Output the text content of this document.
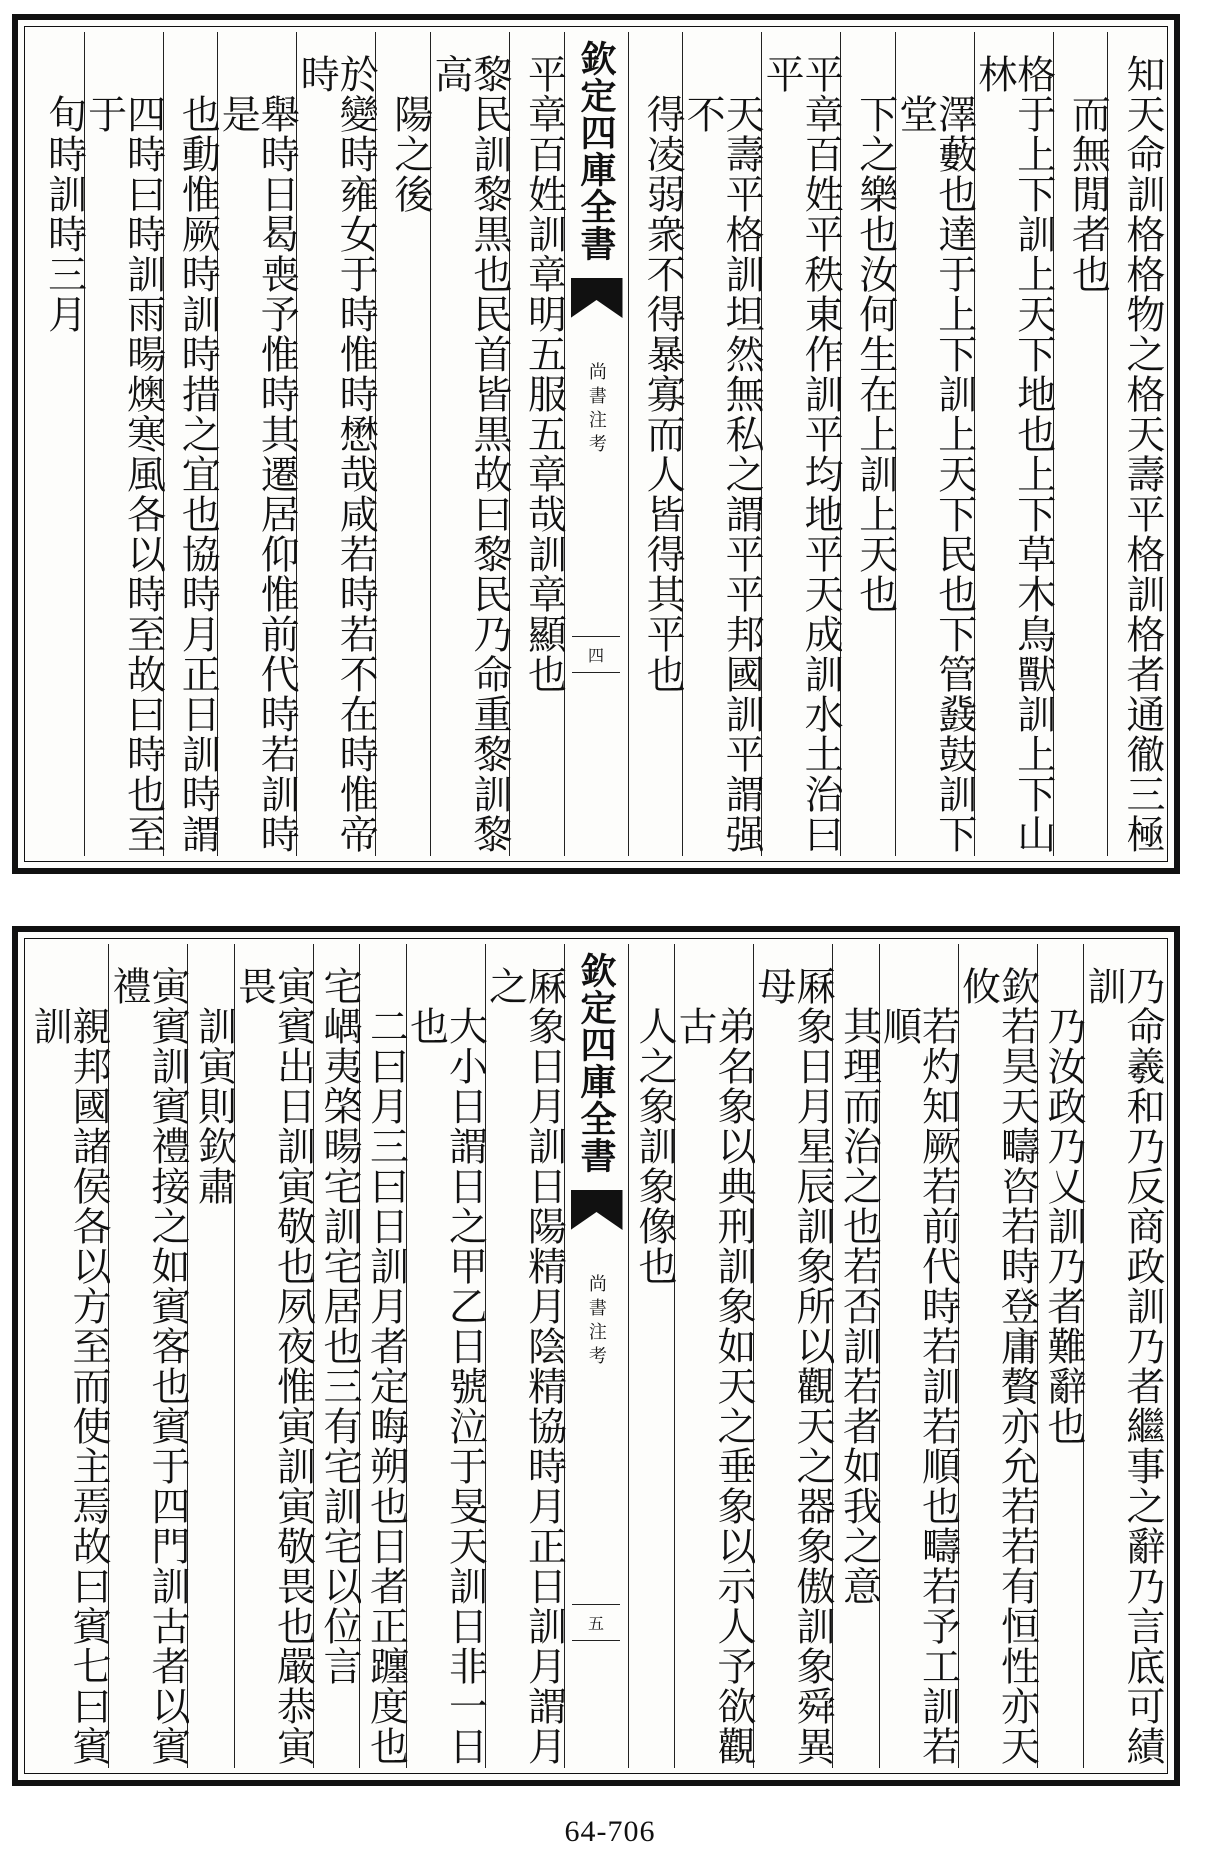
知天命訓格格物之格天壽平格訓格者通徹三極
而無閒者也
格于上下訓上天下地也上下草木鳥獸訓上下山林
澤藪也達于上下訓上天下民也下管鼗鼓訓下堂
下之樂也汝何生在上訓上天也
平章百姓平秩東作訓平均地平天成訓水土治曰平
天壽平格訓坦然無私之謂平平邦國訓平謂强不
得凌弱衆不得暴寡而人皆得其平也
欽定四庫全書
尚書注考
四
平章百姓訓章明五服五章哉訓章顯也
黎民訓黎黒也民首皆黒故曰黎民乃命重黎訓黎高
陽之後
於變時雍女于時惟時懋哉咸若時若不在時惟帝時
舉時日曷喪予惟時其遷居仰惟前代時若訓時是
也動惟厥時訓時措之宜也協時月正日訓時謂
四時曰時訓雨暘燠寒風各以時至故曰時也至于
旬時訓時三月
乃命羲和乃反商政訓乃者繼事之辭乃言底可績訓
乃汝政乃乂訓乃者難辭也
欽若昊天疇咨若時登庸贅亦允若若有恒性亦天攸
若灼知厥若前代時若訓若順也疇若予工訓若順
其理而治之也若否訓若者如我之意
厤象日月星辰訓象所以觀天之器象傲訓象舜異母
弟名象以典刑訓象如天之垂象以示人予欲觀古
人之象訓象像也
欽定四庫全書
尚書注考
五
厤象日月訓日陽精月陰精協時月正日訓月謂月之
大小日謂日之甲乙日號泣于旻天訓日非一日也
二曰月三曰日訓月者定晦朔也日者正躔度也
宅嵎夷棨暘宅訓宅居也三有宅訓宅以位言
寅賓出日訓寅敬也夙夜惟寅訓寅敬畏也嚴恭寅畏
訓寅則欽肅
寅賓訓賓禮接之如賓客也賓于四門訓古者以賓禮
親邦國諸侯各以方至而使主焉故曰賓七曰賓訓
64-706
